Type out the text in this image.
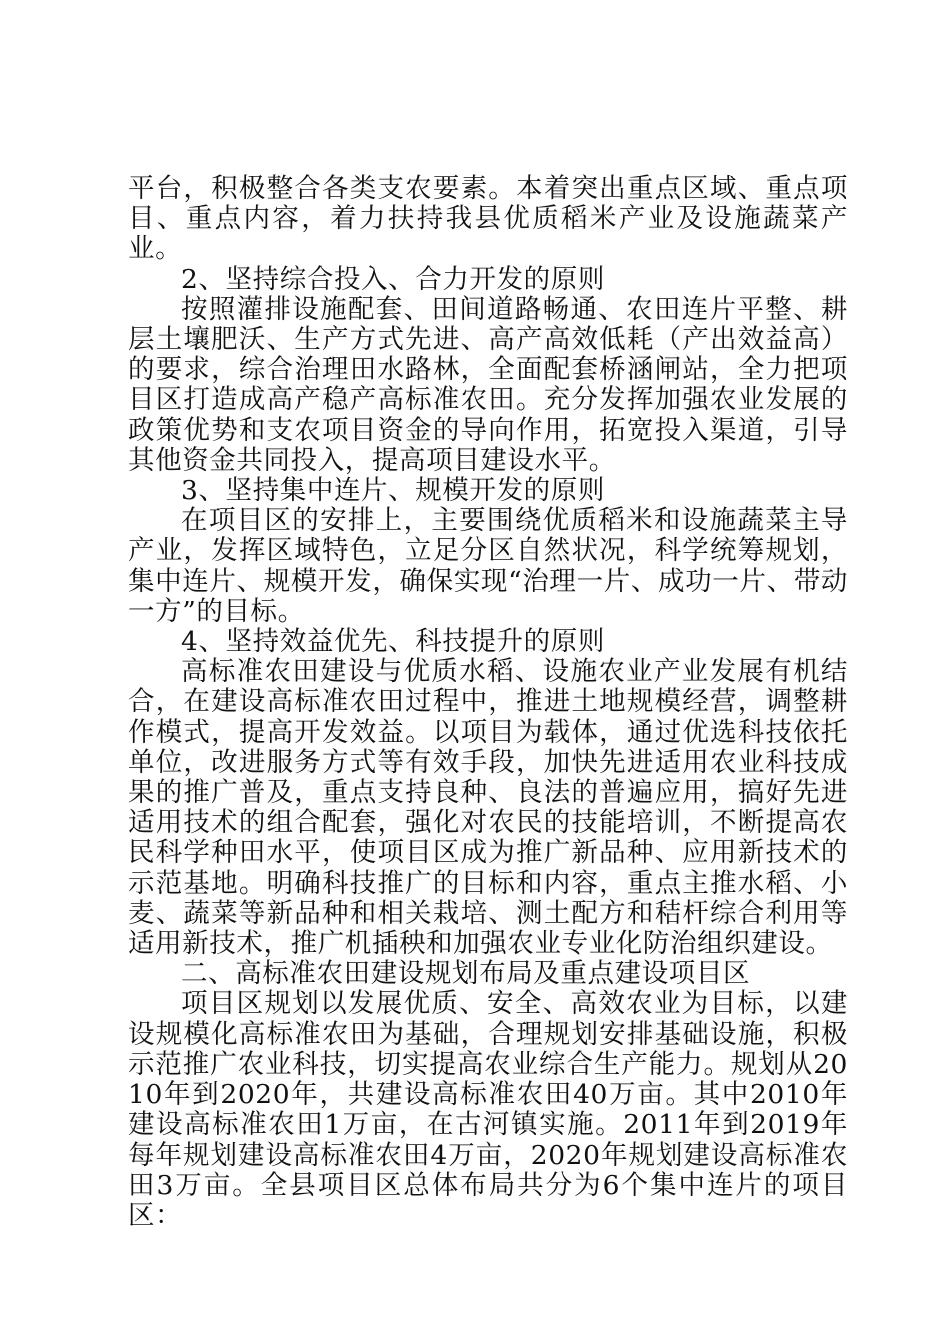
平台，积极整合各类支农要素。本着突出重点区域、重点项目、重点内容，着力扶持我县优质稻米产业及设施蔬菜产业。

2、坚持综合投入、合力开发的原则

按照灌排设施配套、田间道路畅通、农田连片平整、耕层土壤肥沃、生产方式先进、高产高效低耗（产出效益高）的要求，综合治理田水路林，全面配套桥涵闸站，全力把项目区打造成高产稳产高标准农田。充分发挥加强农业发展的政策优势和支农项目资金的导向作用，拓宽投入渠道，引导其他资金共同投入，提高项目建设水平。

3、坚持集中连片、规模开发的原则

在项目区的安排上，主要围绕优质稻米和设施蔬菜主导产业，发挥区域特色，立足分区自然状况，科学统筹规划，集中连片、规模开发，确保实现“治理一片、成功一片、带动一方”的目标。

4、坚持效益优先、科技提升的原则

高标准农田建设与优质水稻、设施农业产业发展有机结合，在建设高标准农田过程中，推进土地规模经营，调整耕作模式，提高开发效益。以项目为载体，通过优选科技依托单位，改进服务方式等有效手段，加快先进适用农业科技成果的推广普及，重点支持良种、良法的普遍应用，搞好先进适用技术的组合配套，强化对农民的技能培训，不断提高农民科学种田水平，使项目区成为推广新品种、应用新技术的示范基地。明确科技推广的目标和内容，重点主推水稻、小麦、蔬菜等新品种和相关栽培、测土配方和秸杆综合利用等适用新技术，推广机插秧和加强农业专业化防治组织建设。

二、高标准农田建设规划布局及重点建设项目区

项目区规划以发展优质、安全、高效农业为目标，以建设规模化高标准农田为基础，合理规划安排基础设施，积极示范推广农业科技，切实提高农业综合生产能力。规划从2010年到2020年，共建设高标准农田40万亩。其中2010年建设高标准农田1万亩，在古河镇实施。2011年到2019年每年规划建设高标准农田4万亩，2020年规划建设高标准农田3万亩。全县项目区总体布局共分为6个集中连片的项目区：
